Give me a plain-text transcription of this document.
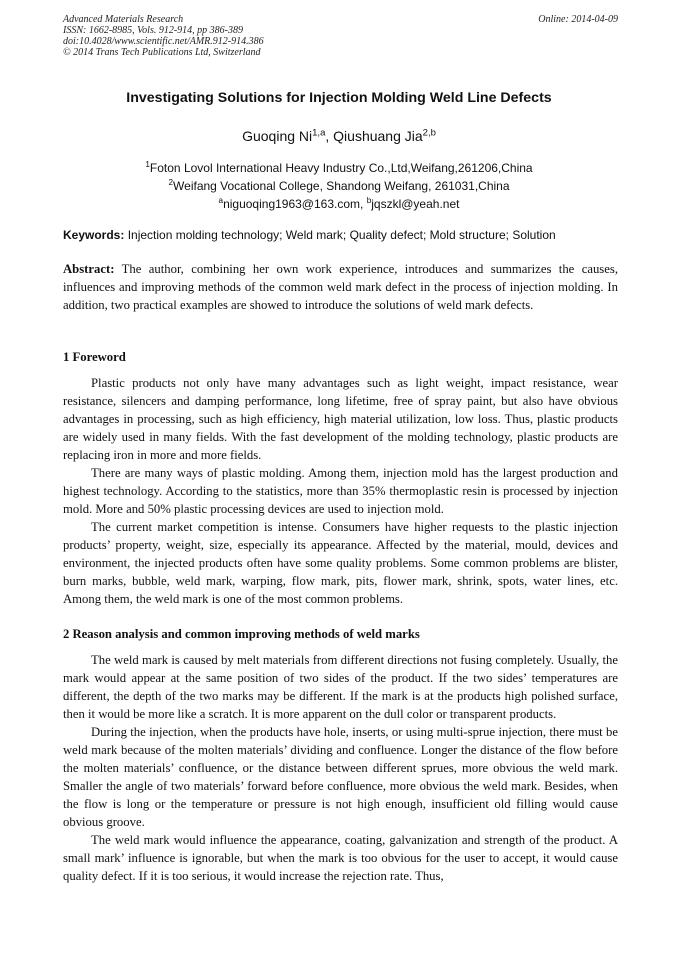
Advanced Materials Research
ISSN: 1662-8985, Vols. 912-914, pp 386-389
doi:10.4028/www.scientific.net/AMR.912-914.386
© 2014 Trans Tech Publications Ltd, Switzerland
Online: 2014-04-09
Investigating Solutions for Injection Molding Weld Line Defects
Guoqing Ni$^{1,a}$, Qiushuang Jia$^{2,b}$
$^1$Foton Lovol International Heavy Industry Co.,Ltd,Weifang,261206,China
$^2$Weifang Vocational College, Shandong Weifang, 261031,China
$^a$niguoqing1963@163.com, $^b$jqszkl@yeah.net
Keywords: Injection molding technology; Weld mark; Quality defect; Mold structure; Solution

Abstract: The author, combining her own work experience, introduces and summarizes the causes, influences and improving methods of the common weld mark defect in the process of injection molding. In addition, two practical examples are showed to introduce the solutions of weld mark defects.

1 Foreword

Plastic products not only have many advantages such as light weight, impact resistance, wear resistance, silencers and damping performance, long lifetime, free of spray paint, but also have obvious advantages in processing, such as high efficiency, high material utilization, low loss. Thus, plastic products are widely used in many fields. With the fast development of the molding technology, plastic products are replacing iron in more and more fields.

There are many ways of plastic molding. Among them, injection mold has the largest production and highest technology. According to the statistics, more than 35% thermoplastic resin is processed by injection mold. More and 50% plastic processing devices are used to injection mold.

The current market competition is intense. Consumers have higher requests to the plastic injection products’ property, weight, size, especially its appearance. Affected by the material, mould, devices and environment, the injected products often have some quality problems. Some common problems are blister, burn marks, bubble, weld mark, warping, flow mark, pits, flower mark, shrink, spots, water lines, etc. Among them, the weld mark is one of the most common problems.

2 Reason analysis and common improving methods of weld marks

The weld mark is caused by melt materials from different directions not fusing completely. Usually, the mark would appear at the same position of two sides of the product. If the two sides’ temperatures are different, the depth of the two marks may be different. If the mark is at the products high polished surface, then it would be more like a scratch. It is more apparent on the dull color or transparent products.

During the injection, when the products have hole, inserts, or using multi-sprue injection, there must be weld mark because of the molten materials’ dividing and confluence. Longer the distance of the flow before the molten materials’ confluence, or the distance between different sprues, more obvious the weld mark. Smaller the angle of two materials’ forward before confluence, more obvious the weld mark. Besides, when the flow is long or the temperature or pressure is not high enough, insufficient old filling would cause obvious groove.

The weld mark would influence the appearance, coating, galvanization and strength of the product. A small mark’ influence is ignorable, but when the mark is too obvious for the user to accept, it would cause quality defect. If it is too serious, it would increase the rejection rate. Thus,
